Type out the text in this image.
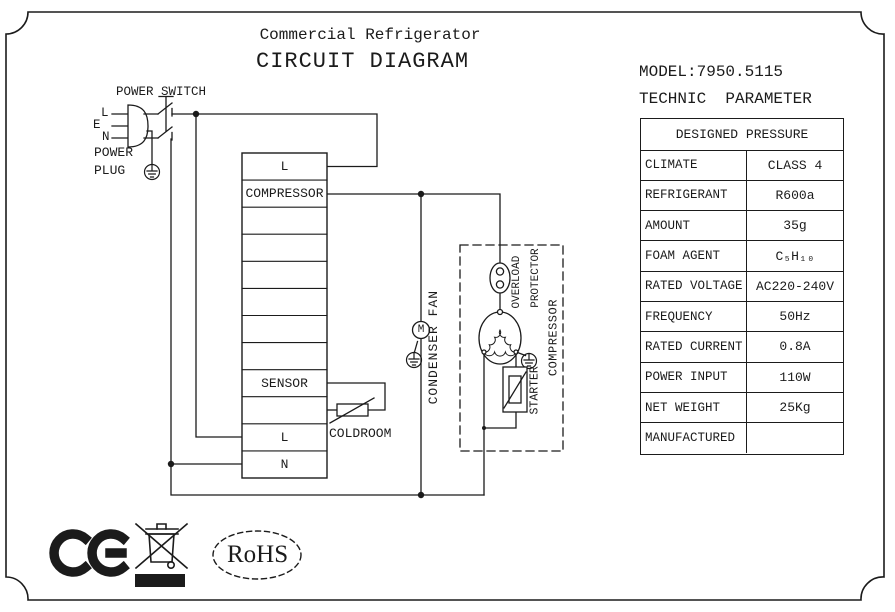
Commercial Refrigerator
CIRCUIT DIAGRAM	MODEL:7950.5115
TECHNIC  PARAMETER
DESIGNED PRESSURE
CLIMATE	CLASS 4
REFRIGERANT	R600a
AMOUNT	35g
FOAM AGENT	C₅H₁₀
RATED VOLTAGE	AC220-240V
FREQUENCY	50Hz
RATED CURRENT	0.8A
POWER INPUT	110W
NET WEIGHT	25Kg
MANUFACTURED
POWER SWITCH
L
E
N
POWER
PLUG	L
COMPRESSOR
SENSOR
L
N
COLDROOM
CONDENSER FAN
M
OVERLOAD PROTECTOR
COMPRESSOR
STARTER
RoHS
